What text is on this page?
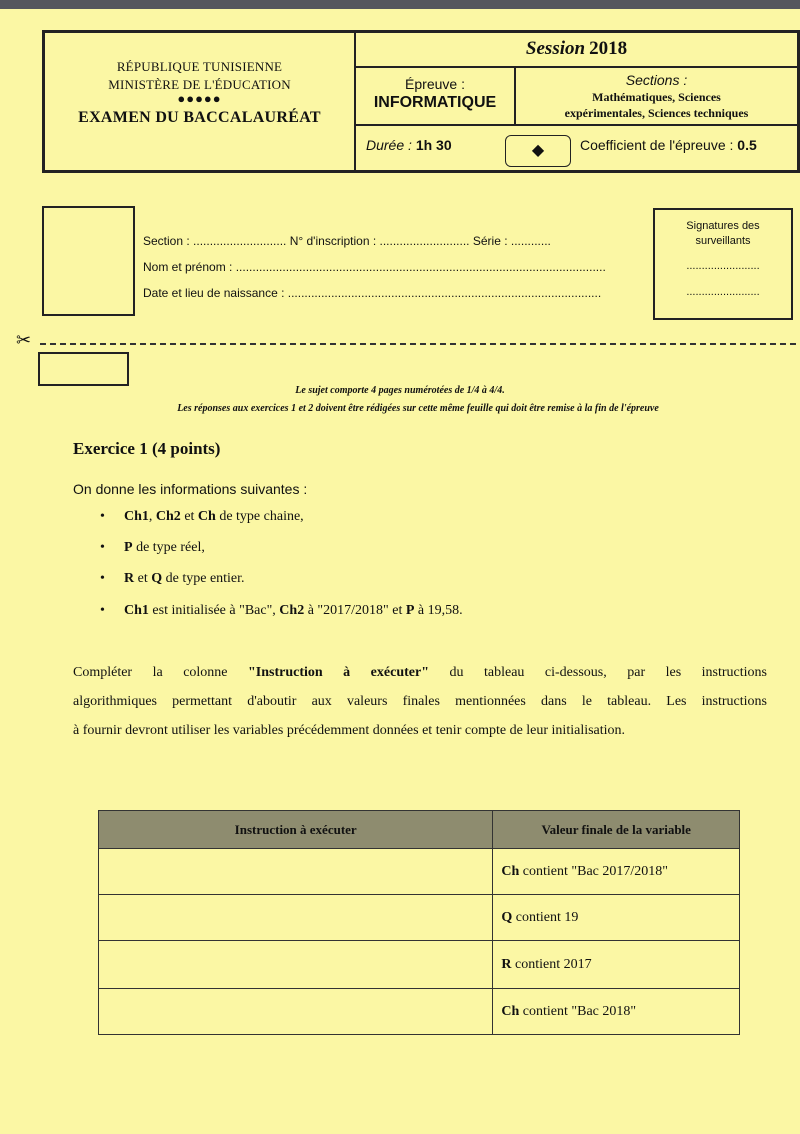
RÉPUBLIQUE TUNISIENNE
MINISTÈRE DE L'ÉDUCATION
●●●●●
EXAMEN DU BACCALAURÉAT
Session 2018
Épreuve :
INFORMATIQUE
Sections :
Mathématiques, Sciences
expérimentales, Sciences techniques
Durée : 1h 30	◆	Coefficient de l'épreuve : 0.5
Section : ............................ N° d'inscription : ........................... Série : ............
Nom et prénom : ...............................................................................................................
Date et lieu de naissance : ..............................................................................................
Signatures des
surveillants
........................
........................
✂
Le sujet comporte 4 pages numérotées de 1/4 à 4/4.
Les réponses aux exercices 1 et 2 doivent être rédigées sur cette même feuille qui doit être remise à la fin de l'épreuve
Exercice 1 (4 points)
On donne les informations suivantes :
• Ch1, Ch2 et Ch de type chaine,
• P de type réel,
• R et Q de type entier.
• Ch1 est initialisée à "Bac", Ch2 à "2017/2018" et P à 19,58.
Compléter la colonne "Instruction à exécuter" du tableau ci-dessous, par les instructions
algorithmiques permettant d'aboutir aux valeurs finales mentionnées dans le tableau. Les instructions
à fournir devront utiliser les variables précédemment données et tenir compte de leur initialisation.
Instruction à exécuter	Valeur finale de la variable
	Ch contient "Bac 2017/2018"
	Q contient 19
	R contient 2017
	Ch contient "Bac 2018"
